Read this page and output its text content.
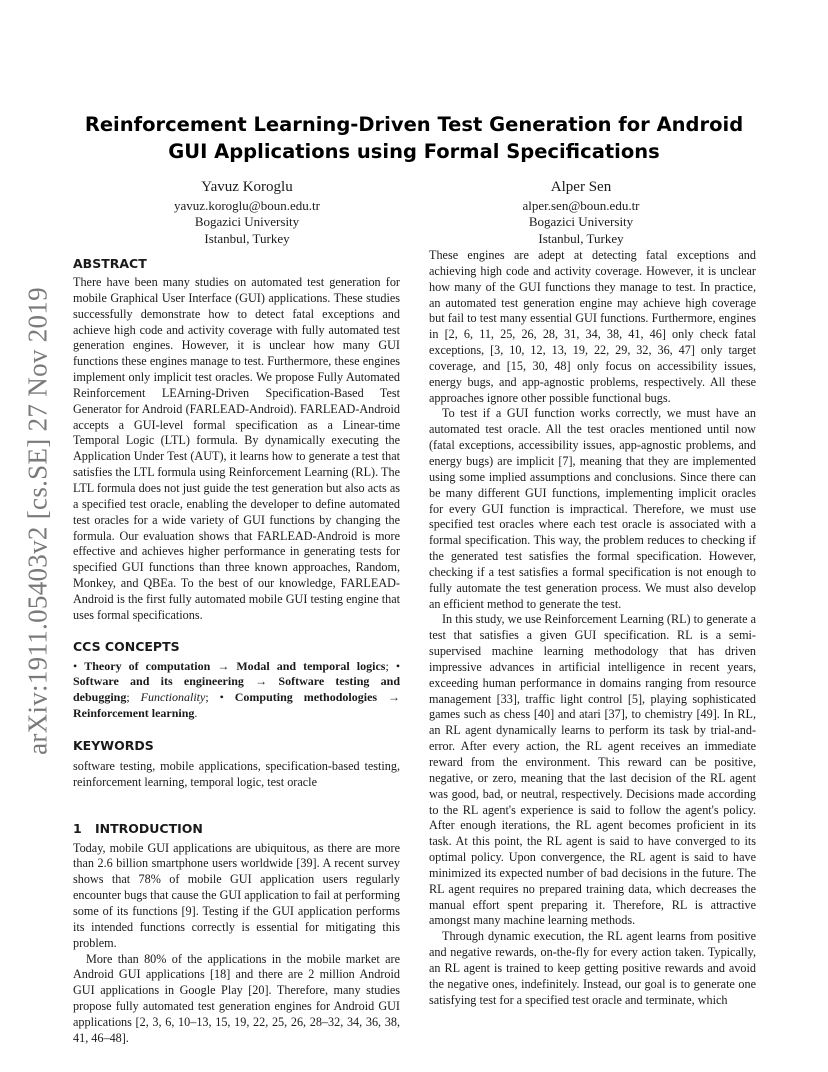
arXiv:1911.05403v2 [cs.SE] 27 Nov 2019
Reinforcement Learning-Driven Test Generation for Android
GUI Applications using Formal Specifications
Yavuz Koroglu
yavuz.koroglu@boun.edu.tr
Bogazici University
Istanbul, Turkey
Alper Sen
alper.sen@boun.edu.tr
Bogazici University
Istanbul, Turkey
ABSTRACT

There have been many studies on automated test generation for mobile Graphical User Interface (GUI) applications. These studies successfully demonstrate how to detect fatal exceptions and achieve high code and activity coverage with fully automated test generation engines. However, it is unclear how many GUI functions these engines manage to test. Furthermore, these engines implement only implicit test oracles. We propose Fully Automated Reinforcement LEArning-Driven Specification-Based Test Generator for Android (FARLEAD-Android). FARLEAD-Android accepts a GUI-level formal specification as a Linear-time Temporal Logic (LTL) formula. By dynamically executing the Application Under Test (AUT), it learns how to generate a test that satisfies the LTL formula using Reinforcement Learning (RL). The LTL formula does not just guide the test generation but also acts as a specified test oracle, enabling the developer to define automated test oracles for a wide variety of GUI functions by changing the formula. Our evaluation shows that FARLEAD-Android is more effective and achieves higher performance in generating tests for specified GUI functions than three known approaches, Random, Monkey, and QBEa. To the best of our knowledge, FARLEAD-Android is the first fully automated mobile GUI testing engine that uses formal specifications.

CCS CONCEPTS

• Theory of computation → Modal and temporal logics; • Software and its engineering → Software testing and debugging; Functionality; • Computing methodologies → Reinforcement learning.

KEYWORDS

software testing, mobile applications, specification-based testing, reinforcement learning, temporal logic, test oracle

1 INTRODUCTION

Today, mobile GUI applications are ubiquitous, as there are more than 2.6 billion smartphone users worldwide [39]. A recent survey shows that 78% of mobile GUI application users regularly encounter bugs that cause the GUI application to fail at performing some of its functions [9]. Testing if the GUI application performs its intended functions correctly is essential for mitigating this problem.

More than 80% of the applications in the mobile market are Android GUI applications [18] and there are 2 million Android GUI applications in Google Play [20]. Therefore, many studies propose fully automated test generation engines for Android GUI applications [2, 3, 6, 10–13, 15, 19, 22, 25, 26, 28–32, 34, 36, 38, 41, 46–48].

These engines are adept at detecting fatal exceptions and achieving high code and activity coverage. However, it is unclear how many of the GUI functions they manage to test. In practice, an automated test generation engine may achieve high coverage but fail to test many essential GUI functions. Furthermore, engines in [2, 6, 11, 25, 26, 28, 31, 34, 38, 41, 46] only check fatal exceptions, [3, 10, 12, 13, 19, 22, 29, 32, 36, 47] only target coverage, and [15, 30, 48] only focus on accessibility issues, energy bugs, and app-agnostic problems, respectively. All these approaches ignore other possible functional bugs.

To test if a GUI function works correctly, we must have an automated test oracle. All the test oracles mentioned until now (fatal exceptions, accessibility issues, app-agnostic problems, and energy bugs) are implicit [7], meaning that they are implemented using some implied assumptions and conclusions. Since there can be many different GUI functions, implementing implicit oracles for every GUI function is impractical. Therefore, we must use specified test oracles where each test oracle is associated with a formal specification. This way, the problem reduces to checking if the generated test satisfies the formal specification. However, checking if a test satisfies a formal specification is not enough to fully automate the test generation process. We must also develop an efficient method to generate the test.

In this study, we use Reinforcement Learning (RL) to generate a test that satisfies a given GUI specification. RL is a semi-supervised machine learning methodology that has driven impressive advances in artificial intelligence in recent years, exceeding human performance in domains ranging from resource management [33], traffic light control [5], playing sophisticated games such as chess [40] and atari [37], to chemistry [49]. In RL, an RL agent dynamically learns to perform its task by trial-and-error. After every action, the RL agent receives an immediate reward from the environment. This reward can be positive, negative, or zero, meaning that the last decision of the RL agent was good, bad, or neutral, respectively. Decisions made according to the RL agent's experience is said to follow the agent's policy. After enough iterations, the RL agent becomes proficient in its task. At this point, the RL agent is said to have converged to its optimal policy. Upon convergence, the RL agent is said to have minimized its expected number of bad decisions in the future. The RL agent requires no prepared training data, which decreases the manual effort spent preparing it. Therefore, RL is attractive amongst many machine learning methods.

Through dynamic execution, the RL agent learns from positive and negative rewards, on-the-fly for every action taken. Typically, an RL agent is trained to keep getting positive rewards and avoid the negative ones, indefinitely. Instead, our goal is to generate one satisfying test for a specified test oracle and terminate, which
